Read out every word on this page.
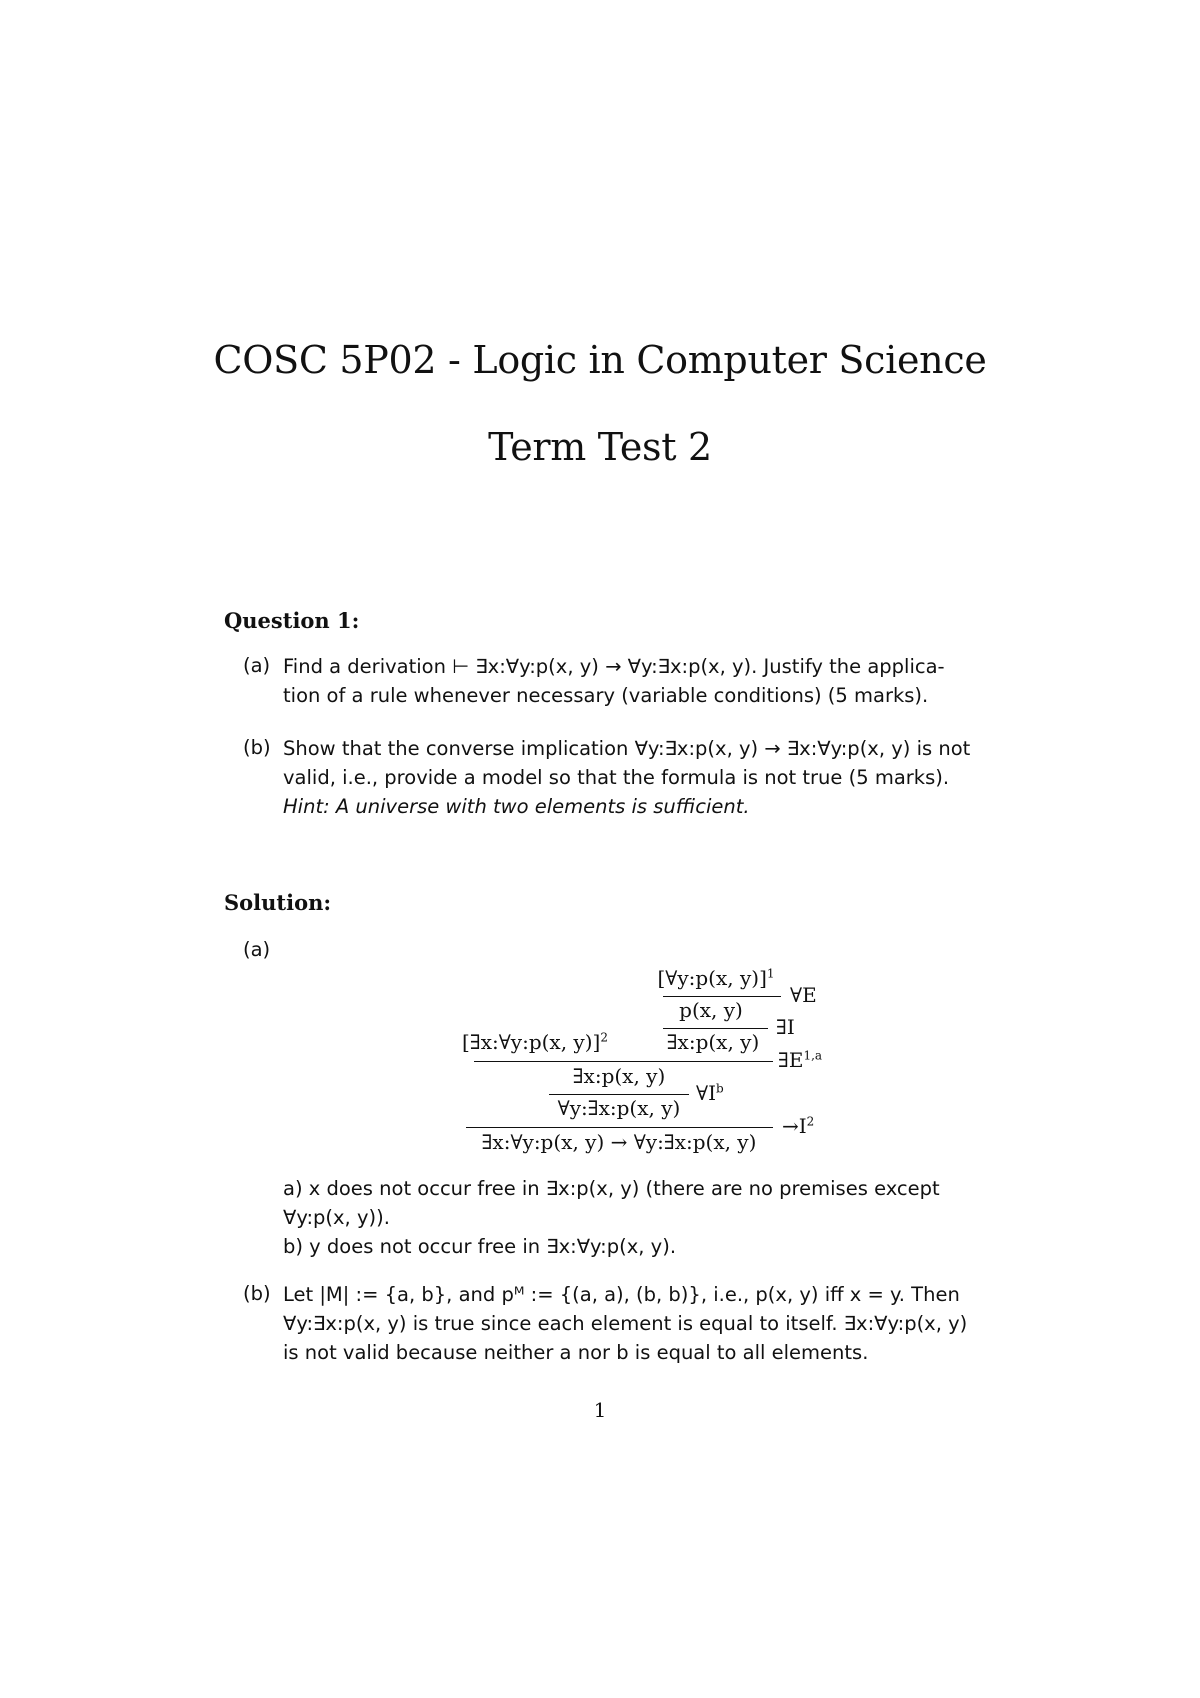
COSC 5P02 - Logic in Computer Science
Term Test 2
Question 1:
(a) Find a derivation ⊢ ∃x:∀y:p(x, y) → ∀y:∃x:p(x, y). Justify the applica-
tion of a rule whenever necessary (variable conditions) (5 marks).
(b) Show that the converse implication ∀y:∃x:p(x, y) → ∃x:∀y:p(x, y) is not
valid, i.e., provide a model so that the formula is not true (5 marks).
Hint: A universe with two elements is sufficient.
Solution:
(a)
[∀y:p(x, y)]$^1$
∀E
p(x, y)
∃I
[∃x:∀y:p(x, y)]$^2$	∃x:p(x, y)
$\exists E^{1,a}$
∃x:p(x, y)
$\forall I^b$
∀y:∃x:p(x, y)
$\to I^2$
∃x:∀y:p(x, y) → ∀y:∃x:p(x, y)
a) x does not occur free in ∃x:p(x, y) (there are no premises except
∀y:p(x, y)).
b) y does not occur free in ∃x:∀y:p(x, y).
(b) Let |M| := {a, b}, and pᴹ := {(a, a), (b, b)}, i.e., p(x, y) iff x = y. Then
∀y:∃x:p(x, y) is true since each element is equal to itself. ∃x:∀y:p(x, y)
is not valid because neither a nor b is equal to all elements.
1
